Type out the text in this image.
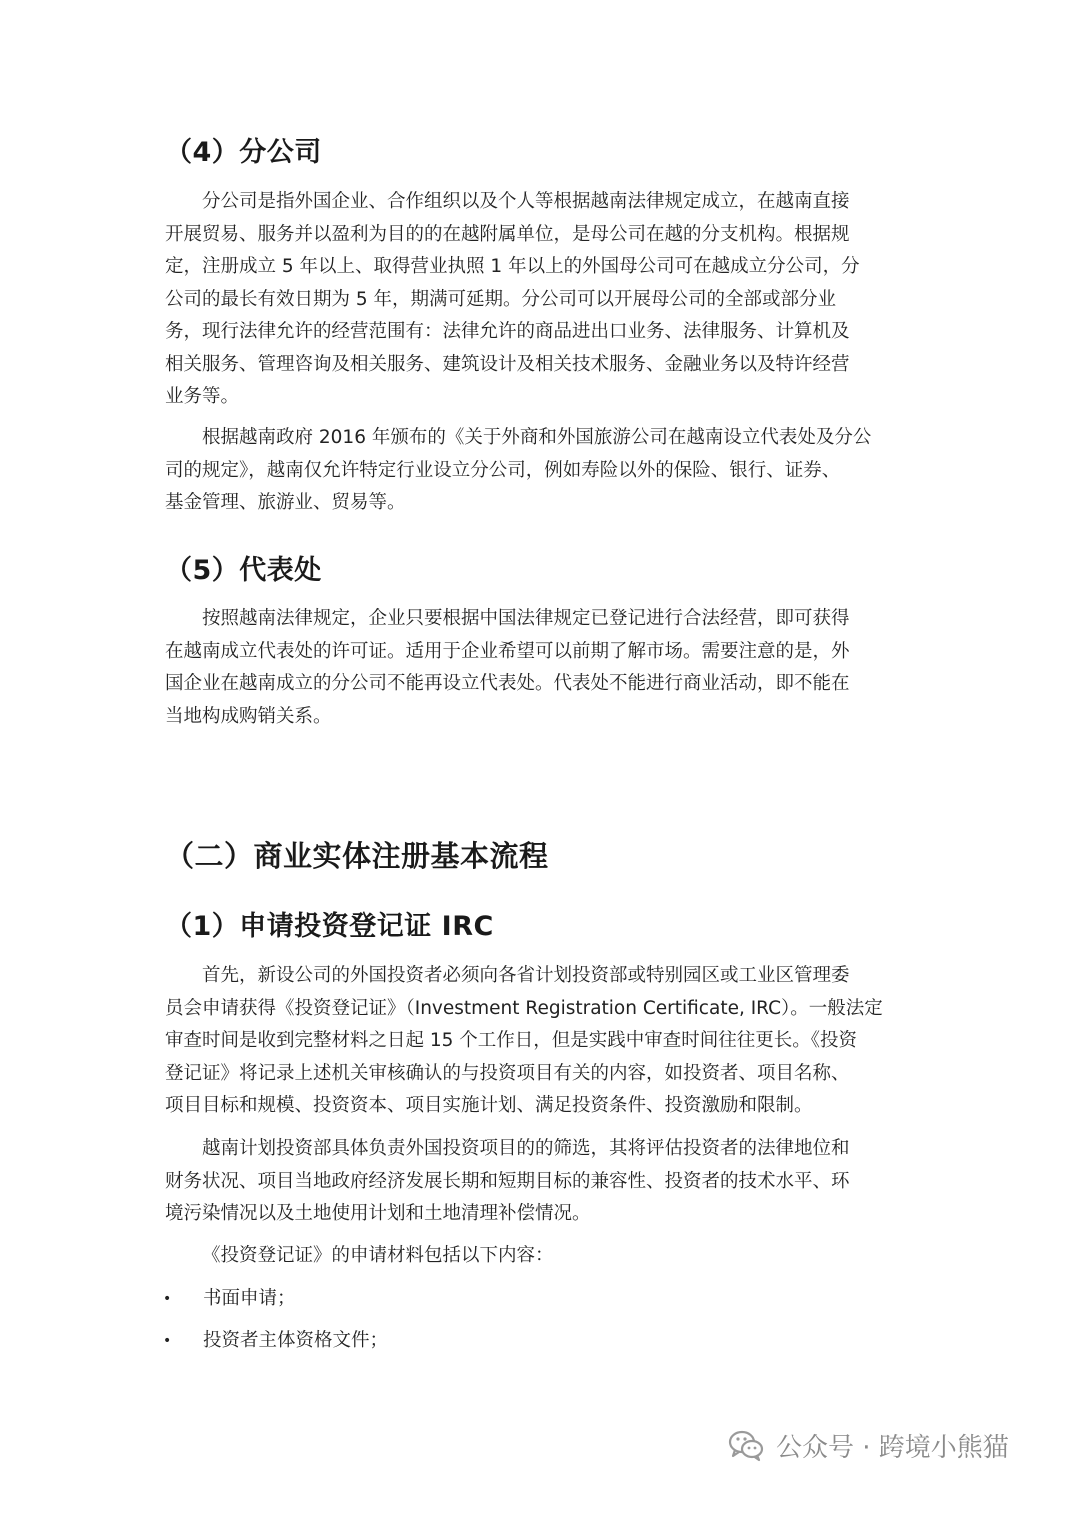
（4）分公司
分公司是指外国企业、合作组织以及个人等根据越南法律规定成立，在越南直接
开展贸易、服务并以盈利为目的的在越附属单位，是母公司在越的分支机构。根据规
定，注册成立 5 年以上、取得营业执照 1 年以上的外国母公司可在越成立分公司，分
公司的最长有效日期为 5 年，期满可延期。分公司可以开展母公司的全部或部分业
务，现行法律允许的经营范围有：法律允许的商品进出口业务、法律服务、计算机及
相关服务、管理咨询及相关服务、建筑设计及相关技术服务、金融业务以及特许经营
业务等。
根据越南政府 2016 年颁布的《关于外商和外国旅游公司在越南设立代表处及分公
司的规定》，越南仅允许特定行业设立分公司，例如寿险以外的保险、银行、证券、
基金管理、旅游业、贸易等。
（5）代表处
按照越南法律规定，企业只要根据中国法律规定已登记进行合法经营，即可获得
在越南成立代表处的许可证。适用于企业希望可以前期了解市场。需要注意的是，外
国企业在越南成立的分公司不能再设立代表处。代表处不能进行商业活动，即不能在
当地构成购销关系。
（二）商业实体注册基本流程
（1）申请投资登记证 IRC
首先，新设公司的外国投资者必须向各省计划投资部或特别园区或工业区管理委
员会申请获得《投资登记证》（Investment Registration Certificate, IRC）。一般法定
审查时间是收到完整材料之日起 15 个工作日，但是实践中审查时间往往更长。《投资
登记证》将记录上述机关审核确认的与投资项目有关的内容，如投资者、项目名称、
项目目标和规模、投资资本、项目实施计划、满足投资条件、投资激励和限制。
越南计划投资部具体负责外国投资项目的的筛选，其将评估投资者的法律地位和
财务状况、项目当地政府经济发展长期和短期目标的兼容性、投资者的技术水平、环
境污染情况以及土地使用计划和土地清理补偿情况。
《投资登记证》的申请材料包括以下内容：
• 书面申请；
• 投资者主体资格文件；
公众号 · 跨境小熊猫
